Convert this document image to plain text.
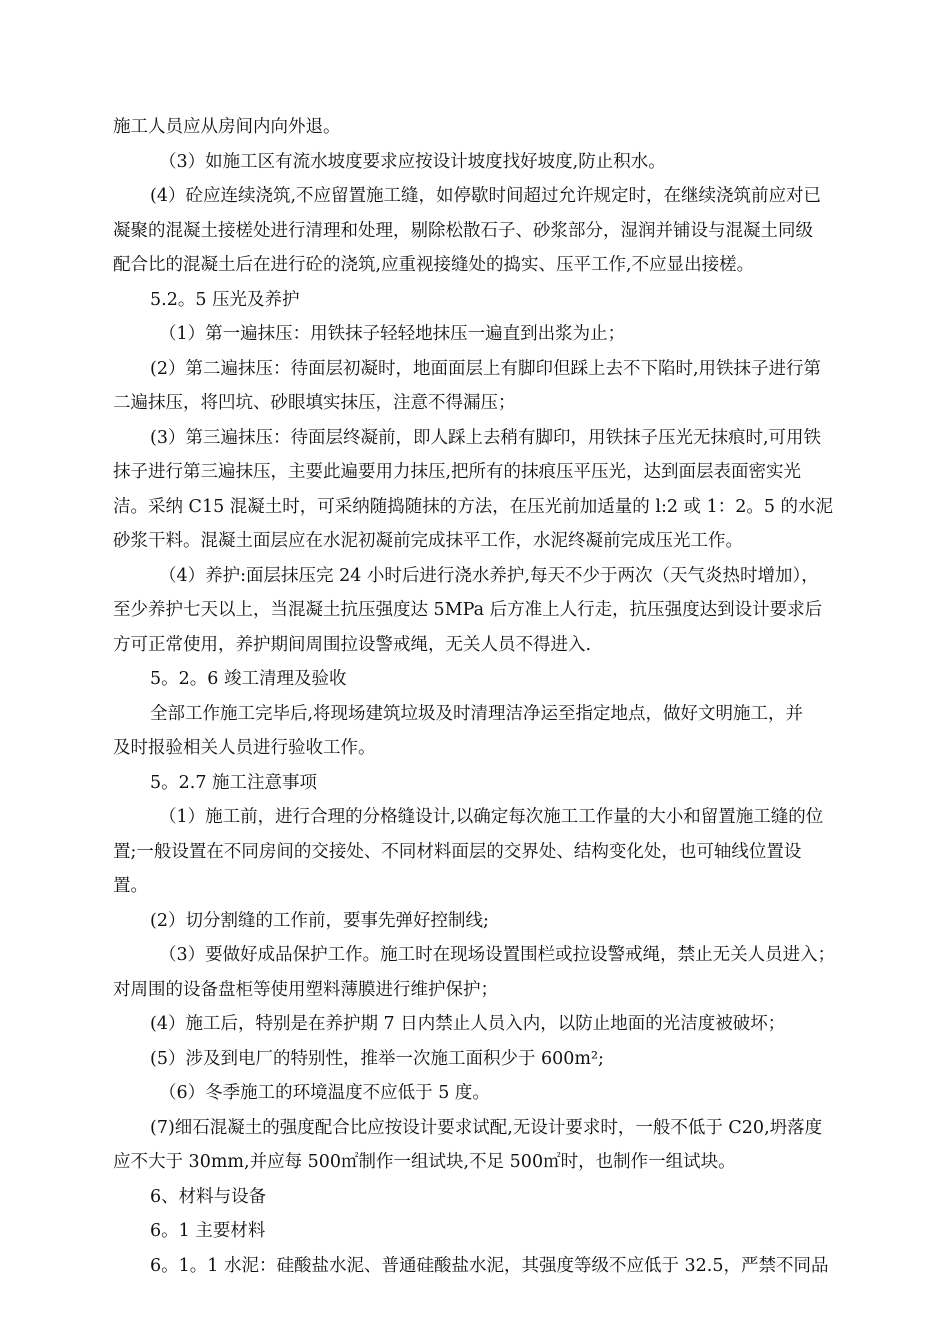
施工人员应从房间内向外退。
（3）如施工区有流水坡度要求应按设计坡度找好坡度,防止积水。
(4）砼应连续浇筑,不应留置施工缝，如停歇时间超过允许规定时，在继续浇筑前应对已
凝聚的混凝土接槎处进行清理和处理，剔除松散石子、砂浆部分，湿润并铺设与混凝土同级
配合比的混凝土后在进行砼的浇筑,应重视接缝处的捣实、压平工作,不应显出接槎。
5.2。5 压光及养护
（1）第一遍抹压：用铁抹子轻轻地抹压一遍直到出浆为止；
(2）第二遍抹压：待面层初凝时，地面面层上有脚印但踩上去不下陷时,用铁抹子进行第
二遍抹压，将凹坑、砂眼填实抹压，注意不得漏压；
(3）第三遍抹压：待面层终凝前，即人踩上去稍有脚印，用铁抹子压光无抹痕时,可用铁
抹子进行第三遍抹压，主要此遍要用力抹压,把所有的抹痕压平压光，达到面层表面密实光
洁。采纳 C15 混凝土时，可采纳随捣随抹的方法，在压光前加适量的 l:2 或 1：2。5 的水泥
砂浆干料。混凝土面层应在水泥初凝前完成抹平工作，水泥终凝前完成压光工作。
（4）养护:面层抹压完 24 小时后进行浇水养护,每天不少于两次（天气炎热时增加），
至少养护七天以上，当混凝土抗压强度达 5MPa 后方准上人行走，抗压强度达到设计要求后
方可正常使用，养护期间周围拉设警戒绳，无关人员不得进入.
5。2。6 竣工清理及验收
全部工作施工完毕后,将现场建筑垃圾及时清理洁净运至指定地点，做好文明施工，并
及时报验相关人员进行验收工作。
5。2.7 施工注意事项
（1）施工前，进行合理的分格缝设计,以确定每次施工工作量的大小和留置施工缝的位
置;一般设置在不同房间的交接处、不同材料面层的交界处、结构变化处，也可轴线位置设
置。
(2）切分割缝的工作前，要事先弹好控制线;
（3）要做好成品保护工作。施工时在现场设置围栏或拉设警戒绳，禁止无关人员进入；
对周围的设备盘柜等使用塑料薄膜进行维护保护；
(4）施工后，特别是在养护期 7 日内禁止人员入内，以防止地面的光洁度被破坏；
(5）涉及到电厂的特别性，推举一次施工面积少于 600m²;
（6）冬季施工的环境温度不应低于 5 度。
(7)细石混凝土的强度配合比应按设计要求试配,无设计要求时，一般不低于 C20,坍落度
应不大于 30mm,并应每 500㎡制作一组试块,不足 500㎡时，也制作一组试块。
6、材料与设备
6。1 主要材料
6。1。1 水泥：硅酸盐水泥、普通硅酸盐水泥，其强度等级不应低于 32.5，严禁不同品
